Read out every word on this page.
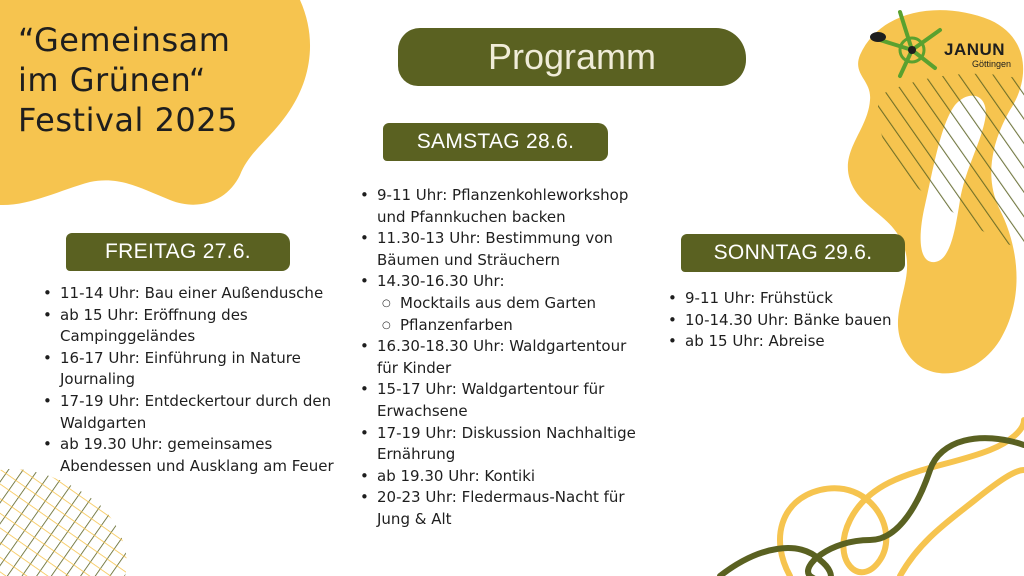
“Gemeinsam
im Grünen“
Festival 2025
JANUN
Göttingen
Programm
SAMSTAG 28.6.
FREITAG 27.6.	SONNTAG 29.6.
• 11-14 Uhr: Bau einer Außendusche
• ab 15 Uhr: Eröffnung des
Campinggeländes
• 16-17 Uhr: Einführung in Nature
Journaling
• 17-19 Uhr: Entdeckertour durch den
Waldgarten
• ab 19.30 Uhr: gemeinsames
Abendessen und Ausklang am Feuer
• 9-11 Uhr: Pflanzenkohleworkshop
und Pfannkuchen backen
• 11.30-13 Uhr: Bestimmung von
Bäumen und Sträuchern
• 14.30-16.30 Uhr:
○ Mocktails aus dem Garten
○ Pflanzenfarben
• 16.30-18.30 Uhr: Waldgartentour
für Kinder
• 15-17 Uhr: Waldgartentour für
Erwachsene
• 17-19 Uhr: Diskussion Nachhaltige
Ernährung
• ab 19.30 Uhr: Kontiki
• 20-23 Uhr: Fledermaus-Nacht für
Jung & Alt
• 9-11 Uhr: Frühstück
• 10-14.30 Uhr: Bänke bauen
• ab 15 Uhr: Abreise
